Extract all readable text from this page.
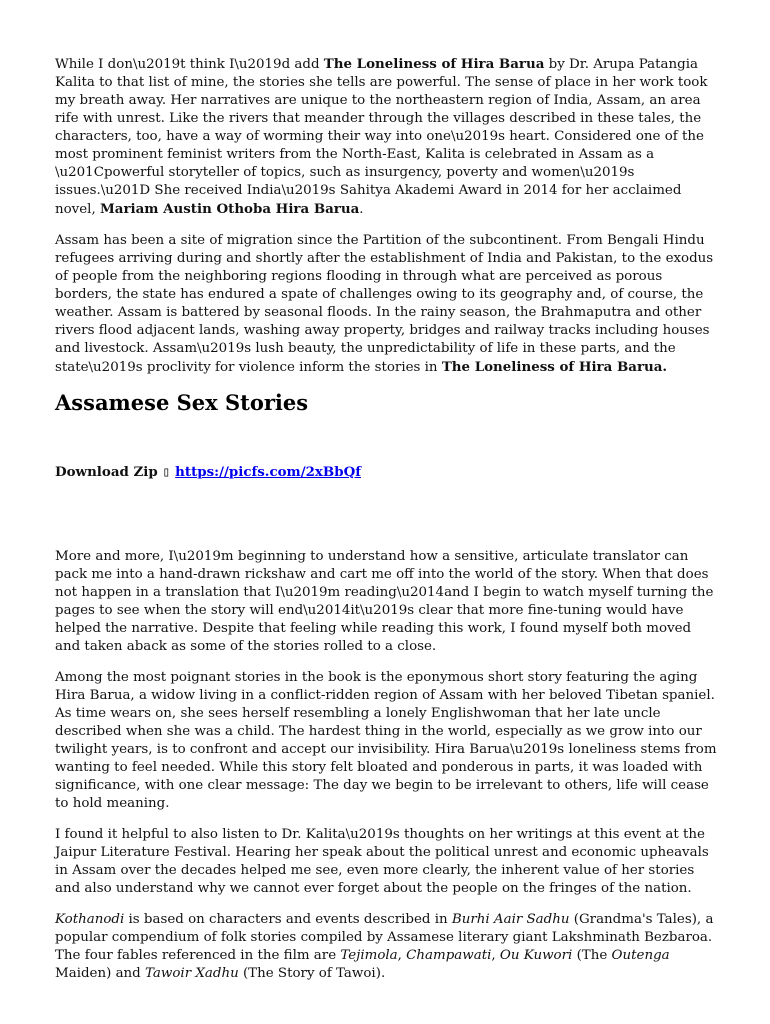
While I don\u2019t think I\u2019d add The Loneliness of Hira Barua by Dr. Arupa Patangia Kalita to that list of mine, the stories she tells are powerful. The sense of place in her work took my breath away. Her narratives are unique to the northeastern region of India, Assam, an area rife with unrest. Like the rivers that meander through the villages described in these tales, the characters, too, have a way of worming their way into one\u2019s heart. Considered one of the most prominent feminist writers from the North-East, Kalita is celebrated in Assam as a \u201Cpowerful storyteller of topics, such as insurgency, poverty and women\u2019s issues.\u201D She received India\u2019s Sahitya Akademi Award in 2014 for her acclaimed novel, Mariam Austin Othoba Hira Barua.

Assam has been a site of migration since the Partition of the subcontinent. From Bengali Hindu refugees arriving during and shortly after the establishment of India and Pakistan, to the exodus of people from the neighboring regions flooding in through what are perceived as porous borders, the state has endured a spate of challenges owing to its geography and, of course, the weather. Assam is battered by seasonal floods. In the rainy season, the Brahmaputra and other rivers flood adjacent lands, washing away property, bridges and railway tracks including houses and livestock. Assam\u2019s lush beauty, the unpredictability of life in these parts, and the state\u2019s proclivity for violence inform the stories in The Loneliness of Hira Barua.

Assamese Sex Stories
Download Zip ▯ https://picfs.com/2xBbQf

More and more, I\u2019m beginning to understand how a sensitive, articulate translator can pack me into a hand-drawn rickshaw and cart me off into the world of the story. When that does not happen in a translation that I\u2019m reading\u2014and I begin to watch myself turning the pages to see when the story will end\u2014it\u2019s clear that more fine-tuning would have helped the narrative. Despite that feeling while reading this work, I found myself both moved and taken aback as some of the stories rolled to a close.

Among the most poignant stories in the book is the eponymous short story featuring the aging Hira Barua, a widow living in a conflict-ridden region of Assam with her beloved Tibetan spaniel. As time wears on, she sees herself resembling a lonely Englishwoman that her late uncle described when she was a child. The hardest thing in the world, especially as we grow into our twilight years, is to confront and accept our invisibility. Hira Barua\u2019s loneliness stems from wanting to feel needed. While this story felt bloated and ponderous in parts, it was loaded with significance, with one clear message: The day we begin to be irrelevant to others, life will cease to hold meaning.

I found it helpful to also listen to Dr. Kalita\u2019s thoughts on her writings at this event at the Jaipur Literature Festival. Hearing her speak about the political unrest and economic upheavals in Assam over the decades helped me see, even more clearly, the inherent value of her stories and also understand why we cannot ever forget about the people on the fringes of the nation.

Kothanodi is based on characters and events described in Burhi Aair Sadhu (Grandma's Tales), a popular compendium of folk stories compiled by Assamese literary giant Lakshminath Bezbaroa. The four fables referenced in the film are Tejimola, Champawati, Ou Kuwori (The Outenga Maiden) and Tawoir Xadhu (The Story of Tawoi).
